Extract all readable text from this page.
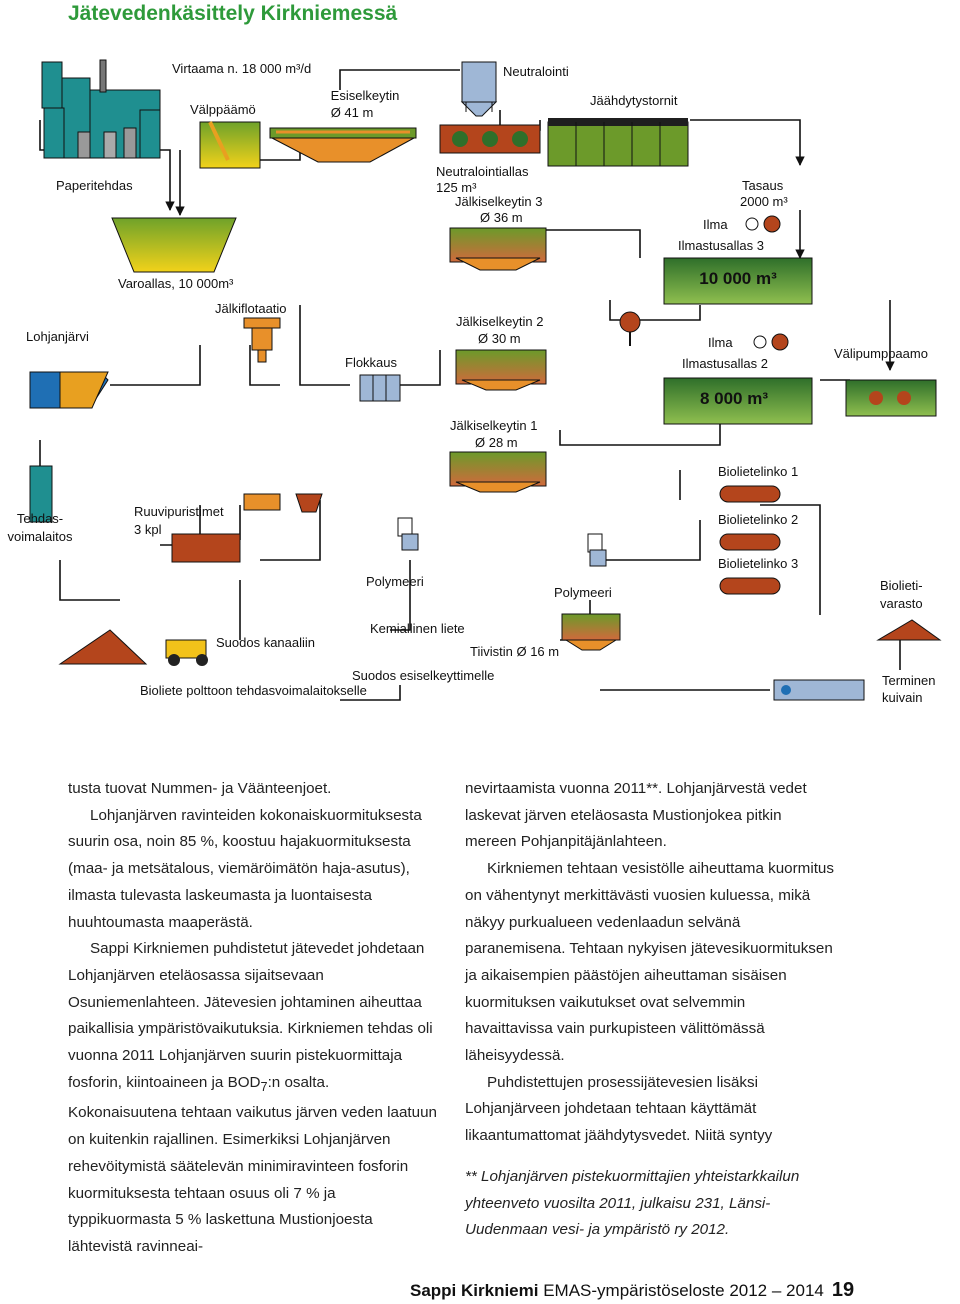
Jätevedenkäsittely Kirkniemessä
Paperitehdas
Virtaama n. 18 000 m³/d
Välppäämö
Esiselkeytin
Ø 41 m
Neutralointi
Jäähdytystornit
Neutralointiallas
125 m³
Jälkiselkeytin 3
Ø 36 m
Tasaus
2000 m³
Ilma
Ilmastusallas 3
10 000 m³
Varoallas, 10 000m³
Jälkiflotaatio
Lohjanjärvi
Flokkaus
Jälkiselkeytin 2
Ø 30 m	Ilma
Ilmastusallas 2
8 000 m³
Välipumppaamo
Jälkiselkeytin 1
Ø 28 m
Biolietelinko 1
Tehdas-
voimalaitos
Ruuvipuristimet
3 kpl
Polymeeri
Polymeeri
Biolietelinko 2
Biolietelinko 3
Biolieti-
varasto
Suodos kanaaliin
Kemiallinen liete
Tiivistin Ø 16 m
Suodos esiselkeyttimelle
Bioliete polttoon tehdasvoimalaitokselle
Terminen
kuivain

tusta tuovat Nummen- ja Väänteenjoet.

Lohjanjärven ravinteiden kokonaiskuormituksesta suurin osa, noin 85 %, koostuu hajakuormituksesta (maa- ja metsätalous, viemäröimätön haja-asutus), ilmasta tulevasta laskeumasta ja luontaisesta huuhtoumasta maaperästä.

Sappi Kirkniemen puhdistetut jätevedet johdetaan Lohjanjärven eteläosassa sijaitsevaan Osuniemenlahteen. Jätevesien johtaminen aiheuttaa paikallisia ympäristövaikutuksia. Kirkniemen tehdas oli vuonna 2011 Lohjanjärven suurin pistekuormittaja fosforin, kiintoaineen ja $BOD_7:n$ osalta. Kokonaisuutena tehtaan vaikutus järven veden laatuun on kuitenkin rajallinen. Esimerkiksi Lohjanjärven rehevöitymistä säätelevän minimiravinteen fosforin kuormituksesta tehtaan osuus oli 7 % ja typpikuormasta 5 % laskettuna Mustionjoesta lähtevistä ravinneai-

nevirtaamista vuonna 2011**. Lohjanjärvestä vedet laskevat järven eteläosasta Mustionjokea pitkin mereen Pohjanpitäjänlahteen.

Kirkniemen tehtaan vesistölle aiheuttama kuormitus on vähentynyt merkittävästi vuosien kuluessa, mikä näkyy purkualueen vedenlaadun selvänä paranemisena. Tehtaan nykyisen jätevesikuormituksen ja aikaisempien päästöjen aiheuttaman sisäisen kuormituksen vaikutukset ovat selvemmin havaittavissa vain purkupisteen välittömässä läheisyydessä.

Puhdistettujen prosessijätevesien lisäksi Lohjanjärveen johdetaan tehtaan käyttämät likaantumattomat jäähdytysvedet. Niitä syntyy

** Lohjanjärven pistekuormittajien yhteistarkkailun yhteenveto vuosilta 2011, julkaisu 231, Länsi-Uudenmaan vesi- ja ympäristö ry 2012.

Sappi Kirkniemi EMAS-ympäristöseloste 2012 – 2014 19
